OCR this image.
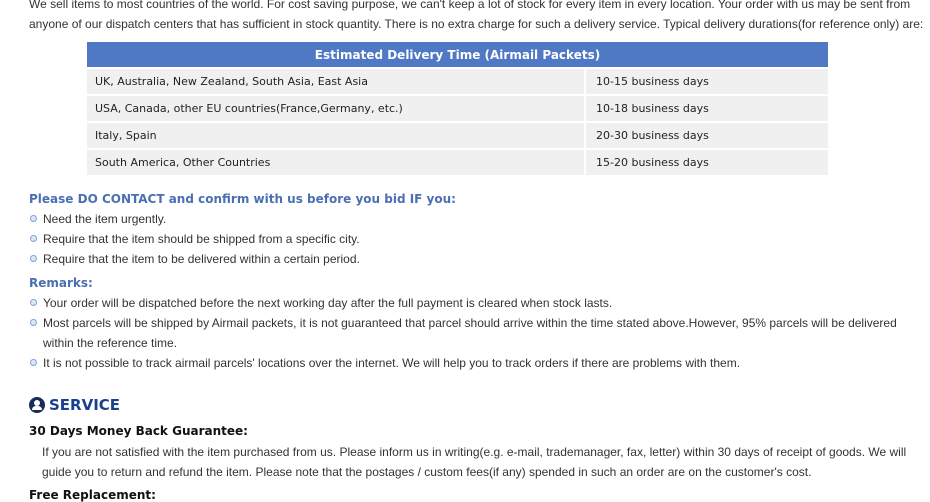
We sell items to most countries of the world. For cost saving purpose, we can't keep a lot of stock for every item in every location. Your order with us may be sent from
anyone of our dispatch centers that has sufficient in stock quantity. There is no extra charge for such a delivery service. Typical delivery durations(for reference only) are:
Estimated Delivery Time (Airmail Packets)	
UK, Australia, New Zealand, South Asia, East Asia	10-15 business days
USA, Canada, other EU countries(France,Germany, etc.)	10-18 business days
Italy, Spain	20-30 business days
South America, Other Countries	15-20 business days
Please DO CONTACT and confirm with us before you bid IF you:
Need the item urgently.
Require that the item should be shipped from a specific city.
Require that the item to be delivered within a certain period.
Remarks:
Your order will be dispatched before the next working day after the full payment is cleared when stock lasts.
Most parcels will be shipped by Airmail packets, it is not guaranteed that parcel should arrive within the time stated above.However, 95% parcels will be delivered within the reference time.
It is not possible to track airmail parcels' locations over the internet. We will help you to track orders if there are problems with them.
SERVICE
30 Days Money Back Guarantee:
If you are not satisfied with the item purchased from us. Please inform us in writing(e.g. e-mail, trademanager, fax, letter) within 30 days of receipt of goods. We will guide you to return and refund the item. Please note that the postages / custom fees(if any) spended in such an order are on the customer's cost.
Free Replacement:
